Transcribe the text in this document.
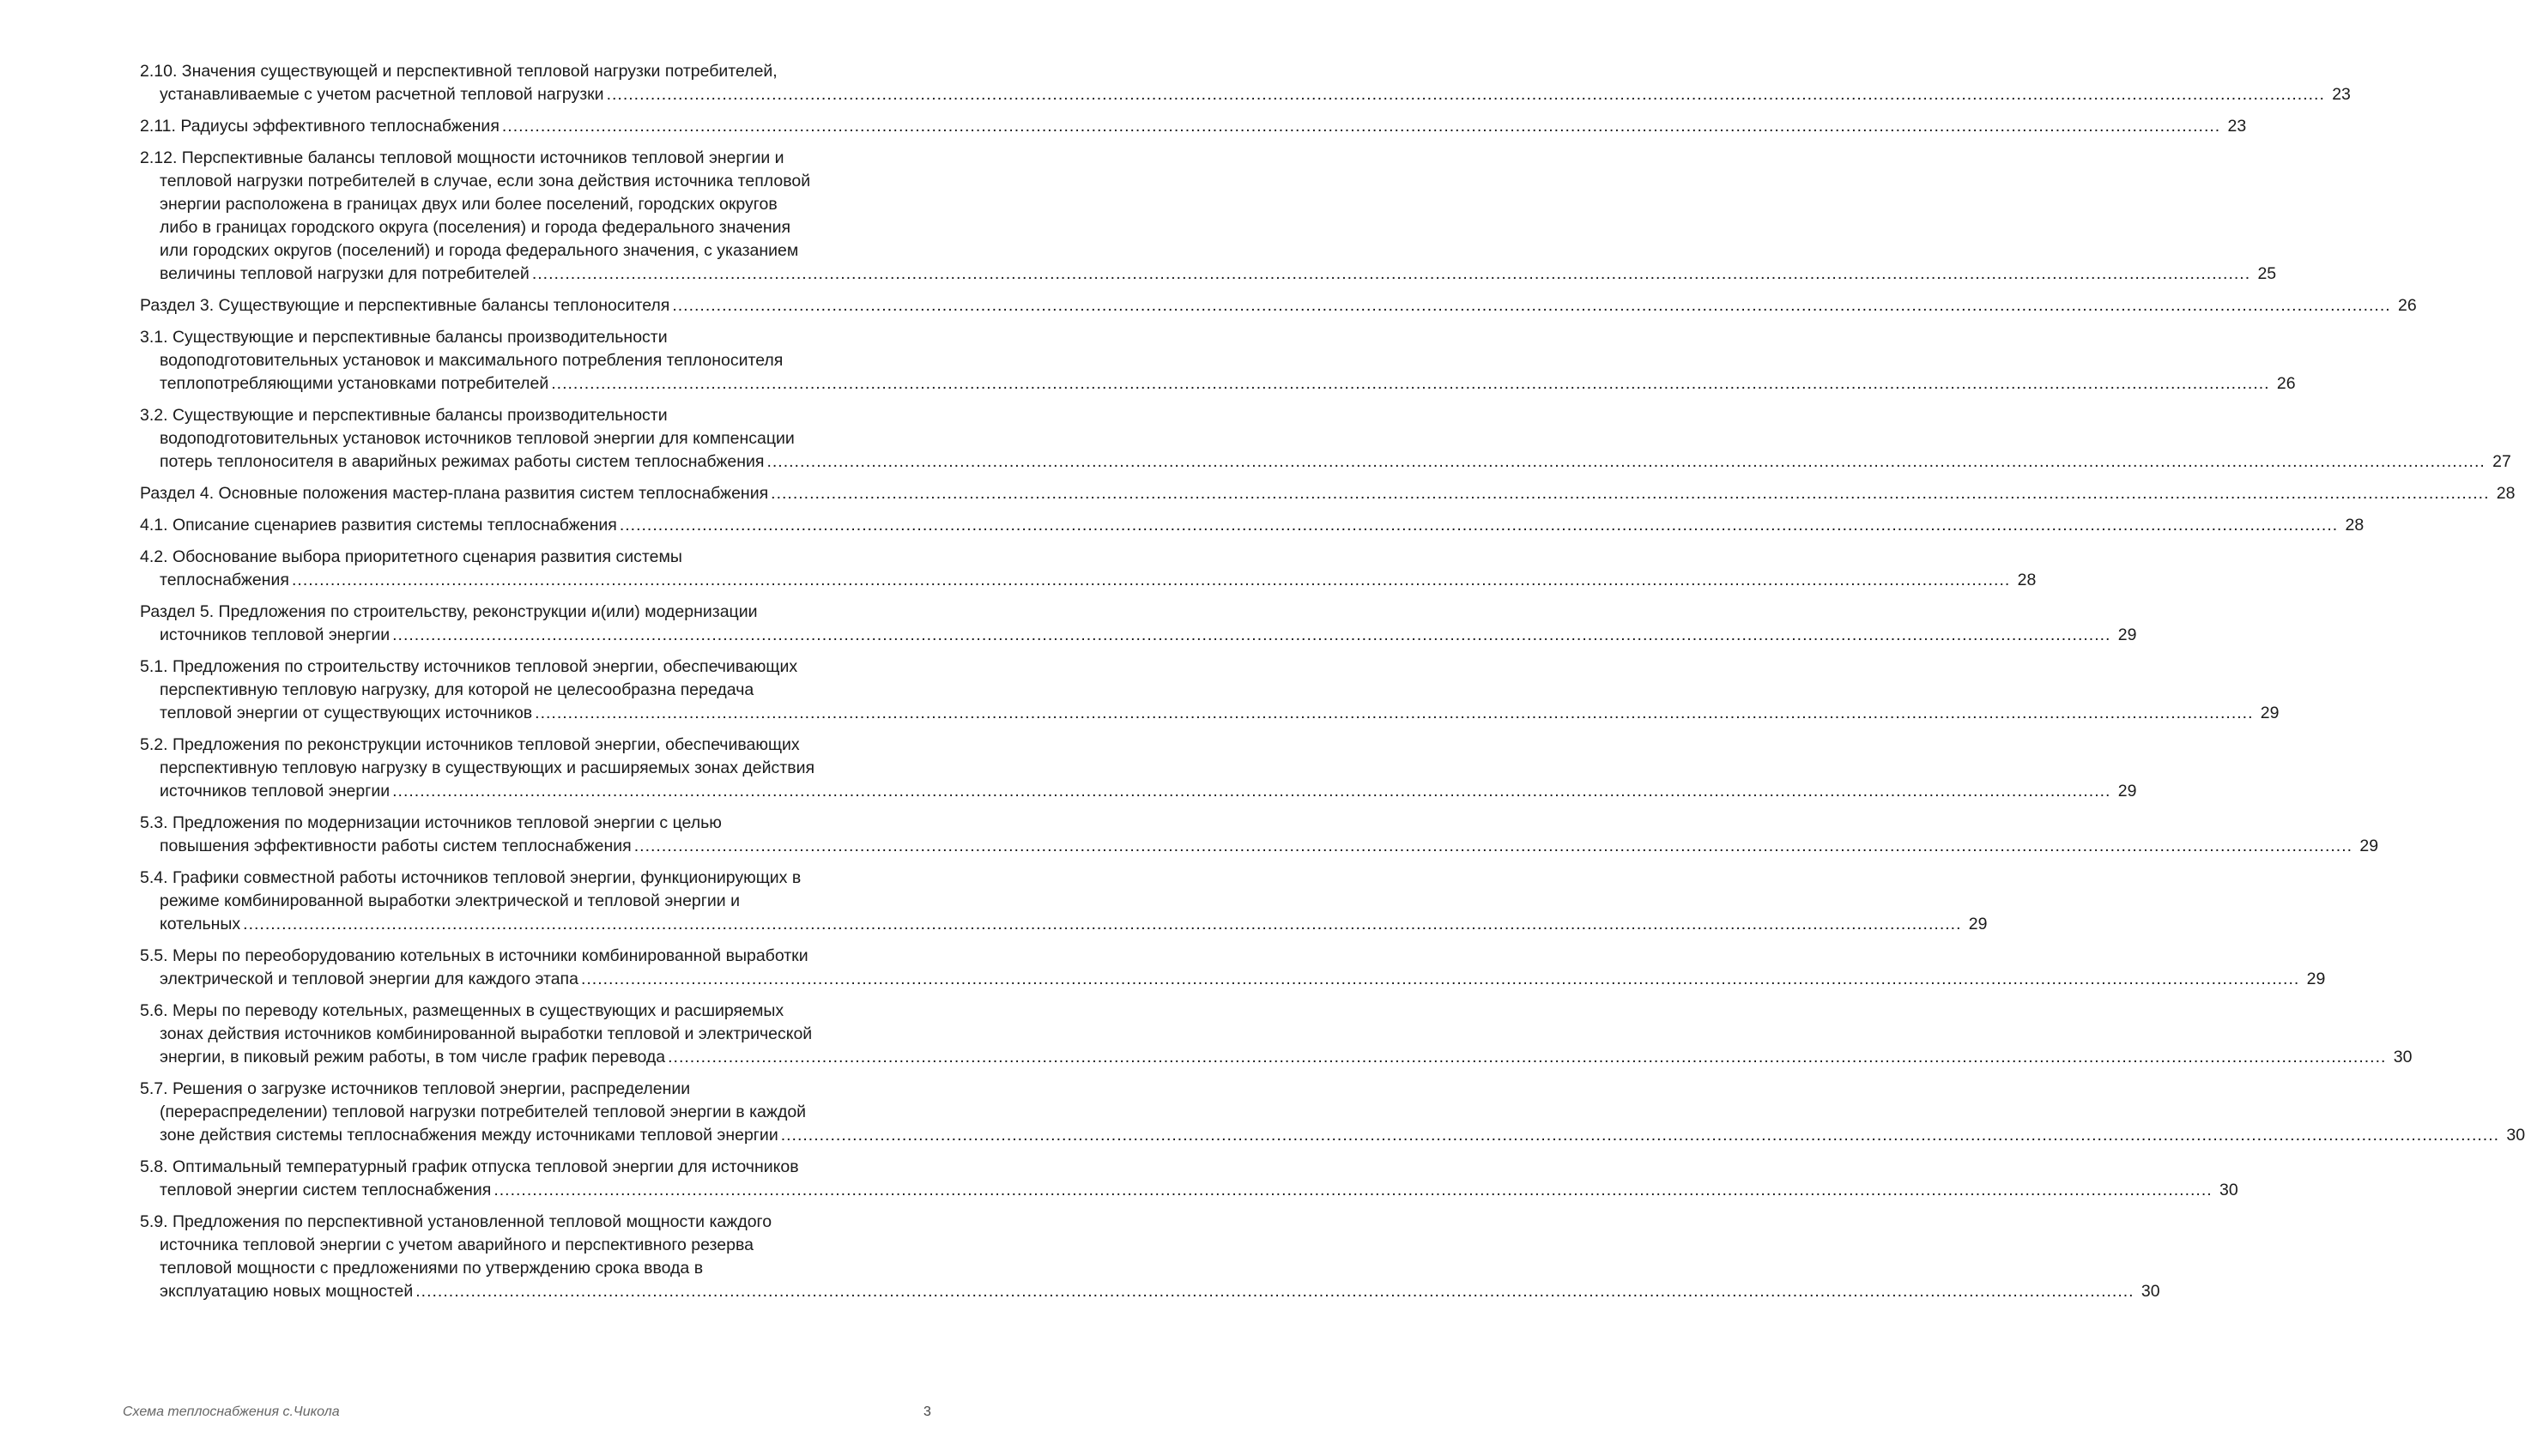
2.10. Значения существующей и перспективной тепловой нагрузки потребителей,
устанавливаемые с учетом расчетной тепловой нагрузки .....	23
2.11. Радиусы эффективного теплоснабжения .....	23
2.12. Перспективные балансы тепловой мощности источников тепловой энергии и
тепловой нагрузки потребителей в случае, если зона действия источника тепловой
энергии расположена в границах двух или более поселений, городских округов
либо в границах городского округа (поселения) и города федерального значения
или городских округов (поселений) и города федерального значения, с указанием
величины тепловой нагрузки для потребителей .....	25
Раздел 3. Существующие и перспективные балансы теплоносителя .....	26
3.1. Существующие и перспективные балансы производительности
водоподготовительных установок и максимального потребления теплоносителя
теплопотребляющими установками потребителей .....	26
3.2. Существующие и перспективные балансы производительности
водоподготовительных установок источников тепловой энергии для компенсации
потерь теплоносителя в аварийных режимах работы систем теплоснабжения .....	27
Раздел 4. Основные положения мастер-плана развития систем теплоснабжения .....	28
4.1. Описание сценариев развития системы теплоснабжения .....	28
4.2. Обоснование выбора приоритетного сценария развития системы
теплоснабжения .....	28
Раздел 5. Предложения по строительству, реконструкции и(или) модернизации
источников тепловой энергии .....	29
5.1. Предложения по строительству источников тепловой энергии, обеспечивающих
перспективную тепловую нагрузку, для которой не целесообразна передача
тепловой энергии от существующих источников .....	29
5.2. Предложения по реконструкции источников тепловой энергии, обеспечивающих
перспективную тепловую нагрузку в существующих и расширяемых зонах действия
источников тепловой энергии .....	29
5.3. Предложения по модернизации источников тепловой энергии с целью
повышения эффективности работы систем теплоснабжения .....	29
5.4. Графики совместной работы источников тепловой энергии, функционирующих в
режиме комбинированной выработки электрической и тепловой энергии и
котельных .....	29
5.5. Меры по переоборудованию котельных в источники комбинированной выработки
электрической и тепловой энергии для каждого этапа .....	29
5.6. Меры по переводу котельных, размещенных в существующих и расширяемых
зонах действия источников комбинированной выработки тепловой и электрической
энергии, в пиковый режим работы, в том числе график перевода .....	30
5.7. Решения о загрузке источников тепловой энергии, распределении
(перераспределении) тепловой нагрузки потребителей тепловой энергии в каждой
зоне действия системы теплоснабжения между источниками тепловой энергии .....	30
5.8. Оптимальный температурный график отпуска тепловой энергии для источников
тепловой энергии систем теплоснабжения .....	30
5.9. Предложения по перспективной установленной тепловой мощности каждого
источника тепловой энергии с учетом аварийного и перспективного резерва
тепловой мощности с предложениями по утверждению срока ввода в
эксплуатацию новых мощностей .....	30
Схема теплоснабжения с.Чикола	3
